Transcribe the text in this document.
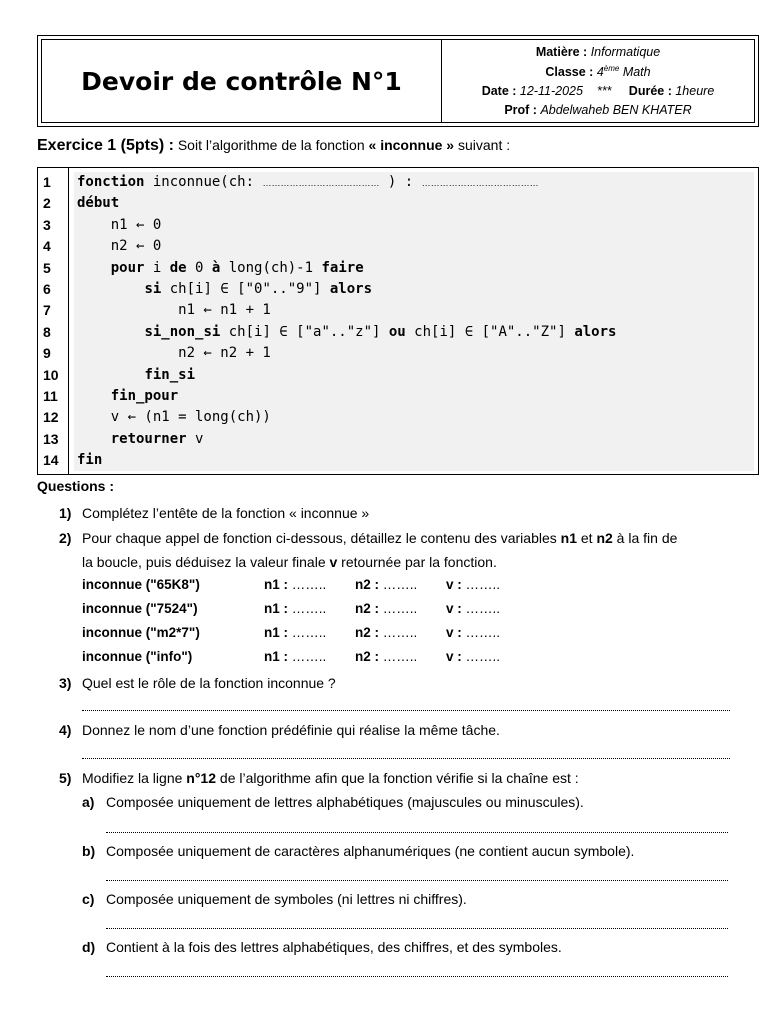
Devoir de contrôle N°1
Matière : Informatique
Classe : 4ème Math
Date : 12-11-2025 *** Durée : 1heure
Prof : Abdelwaheb BEN KHATER
Exercice 1 (5pts) : Soit l’algorithme de la fonction « inconnue » suivant :
1
2
3
4
5
6
7
8
9
10
11
12
13
14
fonction inconnue(ch: ………………………………… ) : …………………………………
début
n1 ← 0
n2 ← 0
pour i de 0 à long(ch)-1 faire
si ch[i] ∈ ["0".."9"] alors
n1 ← n1 + 1
si_non_si ch[i] ∈ ["a".."z"] ou ch[i] ∈ ["A".."Z"] alors
n2 ← n2 + 1
fin_si
fin_pour
v ← (n1 = long(ch))
retourner v
fin
Questions :
1) Complétez l’entête de la fonction « inconnue »
2) Pour chaque appel de fonction ci-dessous, détaillez le contenu des variables n1 et n2 à la fin de
la boucle, puis déduisez la valeur finale v retournée par la fonction.
inconnue ("65K8")	n1 : …….. n2 : …….. v : ……..
inconnue ("7524")	n1 : …….. n2 : …….. v : ……..
inconnue ("m2*7")	n1 : …….. n2 : …….. v : ……..
inconnue ("info")	n1 : …….. n2 : …….. v : ……..
3) Quel est le rôle de la fonction inconnue ?
4) Donnez le nom d’une fonction prédéfinie qui réalise la même tâche.
5) Modifiez la ligne n°12 de l’algorithme afin que la fonction vérifie si la chaîne est :
a) Composée uniquement de lettres alphabétiques (majuscules ou minuscules).
b) Composée uniquement de caractères alphanumériques (ne contient aucun symbole).
c) Composée uniquement de symboles (ni lettres ni chiffres).
d) Contient à la fois des lettres alphabétiques, des chiffres, et des symboles.
